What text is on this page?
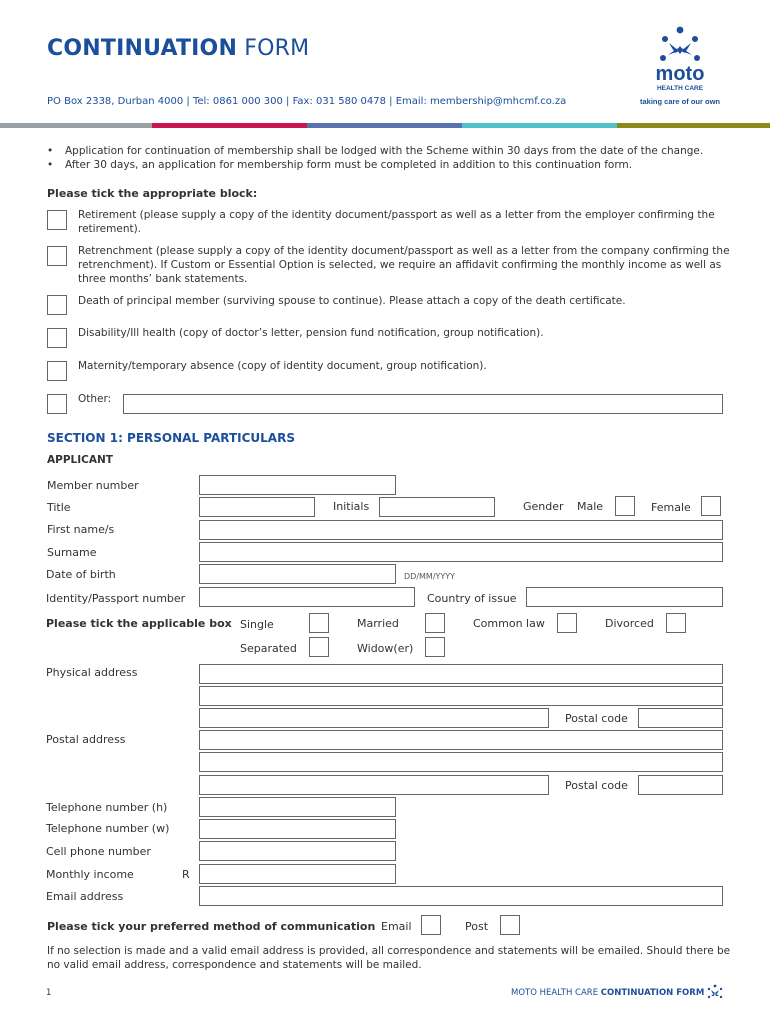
CONTINUATION FORM
PO Box 2338, Durban 4000 | Tel: 0861 000 300 | Fax: 031 580 0478 | Email: membership@mhcmf.co.za
moto
HEALTH CARE
taking care of our own
• Application for continuation of membership shall be lodged with the Scheme within 30 days from the date of the change.
• After 30 days, an application for membership form must be completed in addition to this continuation form.
Please tick the appropriate block:
Retirement (please supply a copy of the identity document/passport as well as a letter from the employer confirming the retirement).
Retrenchment (please supply a copy of the identity document/passport as well as a letter from the company confirming the retrenchment). If Custom or Essential Option is selected, we require an affidavit confirming the monthly income as well as three months’ bank statements.
Death of principal member (surviving spouse to continue). Please attach a copy of the death certificate.
Disability/Ill health (copy of doctor’s letter, pension fund notification, group notification).
Maternity/temporary absence (copy of identity document, group notification).
Other:
SECTION 1: PERSONAL PARTICULARS
APPLICANT
Member number
Title	Initials	Gender Male	Female
First name/s
Surname
Date of birth	DD/MM/YYYY
Identity/Passport number	Country of issue
Please tick the applicable box Single	Married	Common law	Divorced
Separated	Widow(er)
Physical address
Postal code
Postal address
Postal code
Telephone number (h)
Telephone number (w)
Cell phone number
Monthly income	R
Email address
Please tick your preferred method of communication Email	Post
If no selection is made and a valid email address is provided, all correspondence and statements will be emailed. Should there be no valid email address, correspondence and statements will be mailed.
1	MOTO HEALTH CARE CONTINUATION FORM
